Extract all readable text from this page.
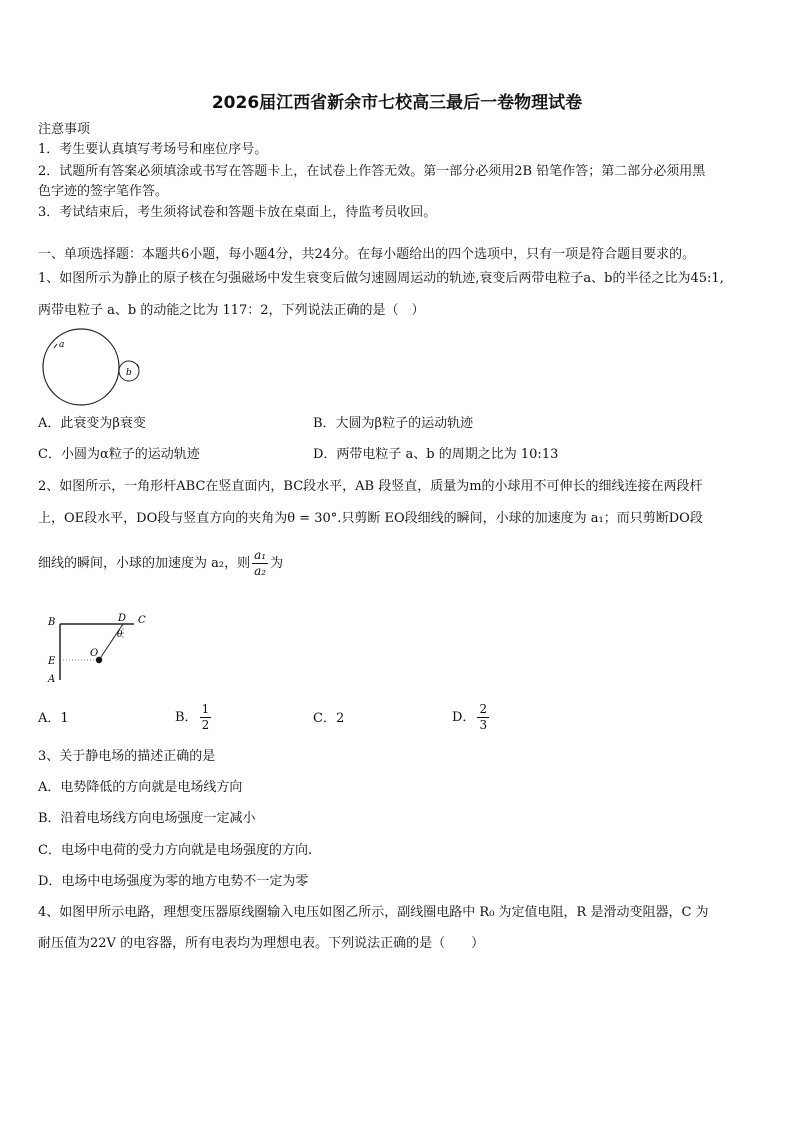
2026届江西省新余市七校高三最后一卷物理试卷
注意事项
1．考生要认真填写考场号和座位序号。
2．试题所有答案必须填涂或书写在答题卡上，在试卷上作答无效。第一部分必须用2B 铅笔作答；第二部分必须用黑
色字迹的签字笔作答。
3．考试结束后，考生须将试卷和答题卡放在桌面上，待监考员收回。
一、单项选择题：本题共6小题，每小题4分，共24分。在每小题给出的四个选项中，只有一项是符合题目要求的。
1、如图所示为静止的原子核在匀强磁场中发生衰变后做匀速圆周运动的轨迹,衰变后两带电粒子a、b的半径之比为45:1,
两带电粒子 a、b 的动能之比为 117：2，下列说法正确的是（　）
a
b
A．此衰变为β衰变	B．大圆为β粒子的运动轨迹
C．小圆为α粒子的运动轨迹	D．两带电粒子 a、b 的周期之比为 10:13
2、如图所示，一角形杆ABC在竖直面内，BC段水平，AB 段竖直，质量为m的小球用不可伸长的细线连接在两段杆
上，OE段水平，DO段与竖直方向的夹角为θ = 30°.只剪断 EO段细线的瞬间，小球的加速度为 a₁；而只剪断DO段
细线的瞬间，小球的加速度为 a₂，则 $\frac{\text{a₁}}{\text{a₂}}$ 为
B	D C
θ
E
O
A
A．1	B． $\frac{1}{2}$	C．2	D． $\frac{2}{3}$
3、关于静电场的描述正确的是
A．电势降低的方向就是电场线方向
B．沿着电场线方向电场强度一定减小
C．电场中电荷的受力方向就是电场强度的方向.
D．电场中电场强度为零的地方电势不一定为零
4、如图甲所示电路，理想变压器原线圈输入电压如图乙所示，副线圈电路中 R₀ 为定值电阻，R 是滑动变阻器，C 为
耐压值为22V 的电容器，所有电表均为理想电表。下列说法正确的是（　　）
